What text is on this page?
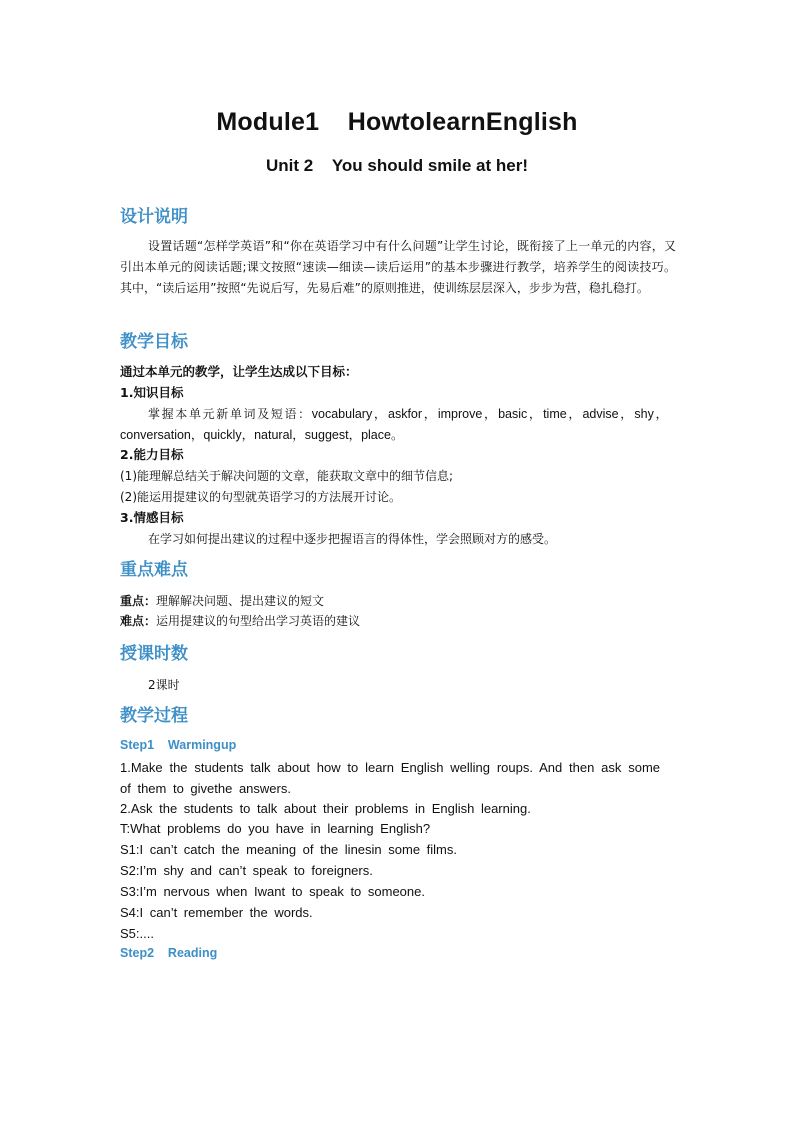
Module1    HowtolearnEnglish
Unit 2    You should smile at her!
设计说明
设置话题“怎样学英语”和“你在英语学习中有什么问题”让学生讨论，既衔接了上一单元的内容，又引出本单元的阅读话题;课文按照“速读—细读—读后运用”的基本步骤进行教学，培养学生的阅读技巧。其中，“读后运用”按照“先说后写，先易后难”的原则推进，使训练层层深入，步步为营，稳扎稳打。
教学目标
通过本单元的教学，让学生达成以下目标：
1.知识目标
掌握本单元新单词及短语：vocabulary，askfor，improve，basic，time，advise，shy，conversation，quickly，natural，suggest，place。
2.能力目标
(1)能理解总结关于解决问题的文章，能获取文章中的细节信息;
(2)能运用提建议的句型就英语学习的方法展开讨论。
3.情感目标
在学习如何提出建议的过程中逐步把握语言的得体性，学会照顾对方的感受。
重点难点
重点：理解解决问题、提出建议的短文
难点：运用提建议的句型给出学习英语的建议
授课时数
2课时
教学过程
Step1    Warmingup
1.Make the students talk about how to learn English welling roups. And then ask some of them to givethe answers.
2.Ask the students to talk about their problems in English learning.
T:What problems do you have in learning English?
S1:I can’t catch the meaning of the linesin some films.
S2:I’m shy and can’t speak to foreigners.
S3:I’m nervous when Iwant to speak to someone.
S4:I can’t remember the words.
S5:....
Step2    Reading
